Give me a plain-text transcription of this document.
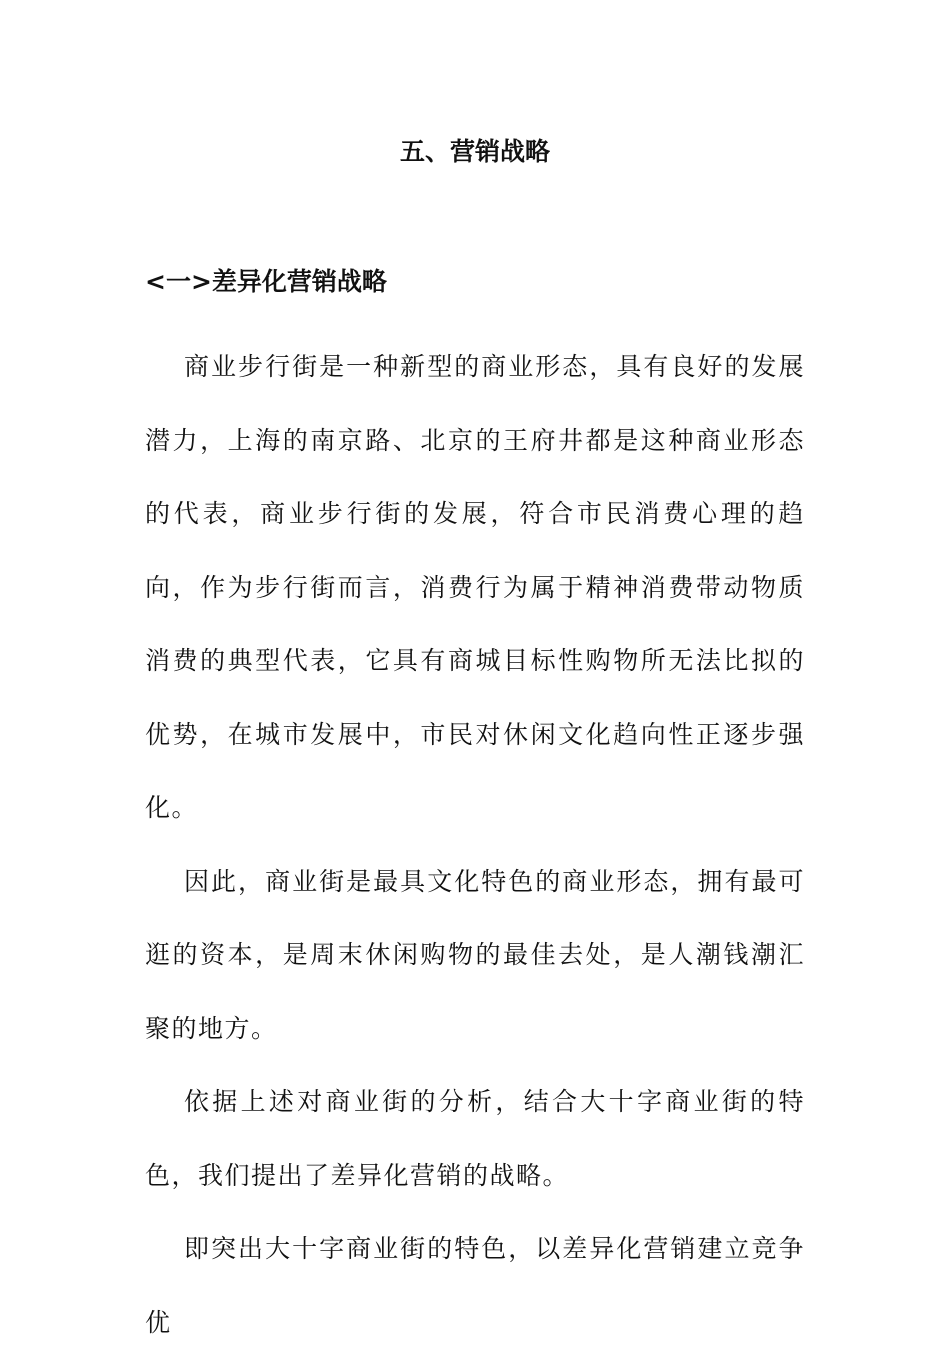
五、营销战略
<一>差异化营销战略

商业步行街是一种新型的商业形态，具有良好的发展潜力，上海的南京路、北京的王府井都是这种商业形态的代表，商业步行街的发展，符合市民消费心理的趋向，作为步行街而言，消费行为属于精神消费带动物质消费的典型代表，它具有商城目标性购物所无法比拟的优势，在城市发展中，市民对休闲文化趋向性正逐步强化。

因此，商业街是最具文化特色的商业形态，拥有最可逛的资本，是周末休闲购物的最佳去处，是人潮钱潮汇聚的地方。

依据上述对商业街的分析，结合大十字商业街的特色，我们提出了差异化营销的战略。

即突出大十字商业街的特色，以差异化营销建立竞争优
